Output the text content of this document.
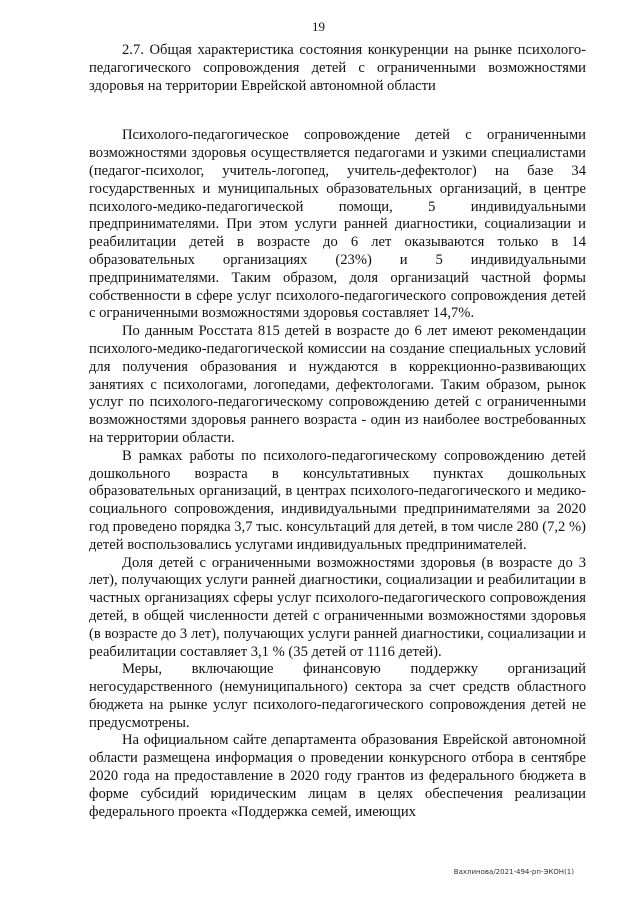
19

2.7. Общая характеристика состояния конкуренции на рынке психолого-педагогического сопровождения детей с ограниченными возможностями здоровья на территории Еврейской автономной области

Психолого-педагогическое сопровождение детей с ограниченными возможностями здоровья осуществляется педагогами и узкими специалистами (педагог-психолог, учитель-логопед, учитель-дефектолог) на базе 34 государственных и муниципальных образовательных организаций, в центре психолого-медико-педагогической помощи, 5 индивидуальными предпринимателями. При этом услуги ранней диагностики, социализации и реабилитации детей в возрасте до 6 лет оказываются только в 14 образовательных организациях (23%) и 5 индивидуальными предпринимателями. Таким образом, доля организаций частной формы собственности в сфере услуг психолого-педагогического сопровождения детей с ограниченными возможностями здоровья составляет 14,7%.

По данным Росстата 815 детей в возрасте до 6 лет имеют рекомендации психолого-медико-педагогической комиссии на создание специальных условий для получения образования и нуждаются в коррекционно-развивающих занятиях с психологами, логопедами, дефектологами. Таким образом, рынок услуг по психолого-педагогическому сопровождению детей с ограниченными возможностями здоровья раннего возраста - один из наиболее востребованных на территории области.

В рамках работы по психолого-педагогическому сопровождению детей дошкольного возраста в консультативных пунктах дошкольных образовательных организаций, в центрах психолого-педагогического и медико-социального сопровождения, индивидуальными предпринимателями за 2020 год проведено порядка 3,7 тыс. консультаций для детей, в том числе 280 (7,2 %) детей воспользовались услугами индивидуальных предпринимателей.

Доля детей с ограниченными возможностями здоровья (в возрасте до 3 лет), получающих услуги ранней диагностики, социализации и реабилитации в частных организациях сферы услуг психолого-педагогического сопровождения детей, в общей численности детей с ограниченными возможностями здоровья (в возрасте до 3 лет), получающих услуги ранней диагностики, социализации и реабилитации составляет 3,1 % (35 детей от 1116 детей).

Меры, включающие финансовую поддержку организаций негосударственного (немуниципального) сектора за счет средств областного бюджета на рынке услуг психолого-педагогического сопровождения детей не предусмотрены.

На официальном сайте департамента образования Еврейской автономной области размещена информация о проведении конкурсного отбора в сентябре 2020 года на предоставление в 2020 году грантов из федерального бюджета в форме субсидий юридическим лицам в целях обеспечения реализации федерального проекта «Поддержка семей, имеющих

Вахлинова/2021-494-рп-ЭКОН(1)
